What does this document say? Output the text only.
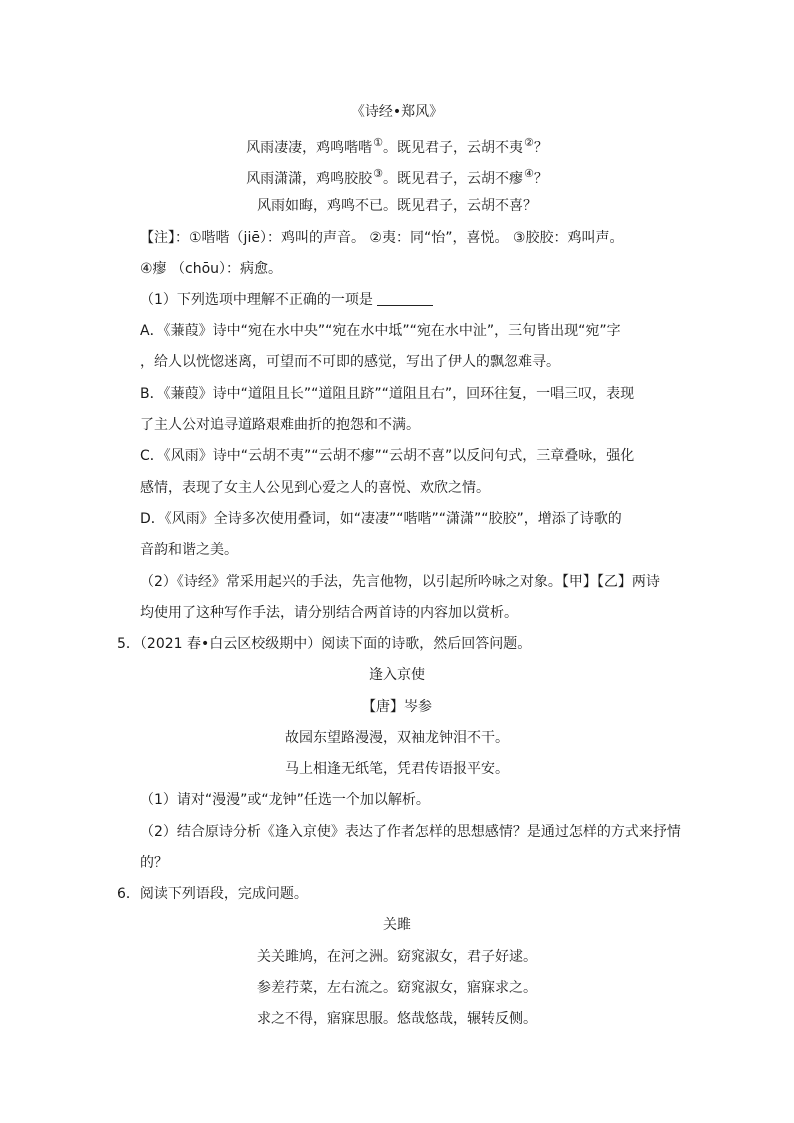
《诗经•郑风》
风雨凄凄，鸡鸣喈喈①。既见君子，云胡不夷②？
风雨潇潇，鸡鸣胶胶③。既见君子，云胡不瘳④？
风雨如晦，鸡鸣不已。既见君子，云胡不喜？
【注】：①喈喈（jiē）：鸡叫的声音。 ②夷：同“怡”，喜悦。 ③胶胶：鸡叫声。
④瘳 （chōu）：病愈。
（1）下列选项中理解不正确的一项是
A．《蒹葭》诗中“宛在水中央”“宛在水中坻”“宛在水中沚”，三句皆出现“宛”字
，给人以恍惚迷离，可望而不可即的感觉，写出了伊人的飘忽难寻。
B．《蒹葭》诗中“道阻且长”“道阻且跻”“道阻且右”，回环往复，一唱三叹，表现
了主人公对追寻道路艰难曲折的抱怨和不满。
C．《风雨》诗中“云胡不夷”“云胡不瘳”“云胡不喜”以反问句式，三章叠咏，强化
感情，表现了女主人公见到心爱之人的喜悦、欢欣之情。
D．《风雨》全诗多次使用叠词，如“凄凄”“喈喈”“潇潇”“胶胶”，增添了诗歌的
音韵和谐之美。
（2）《诗经》常采用起兴的手法，先言他物，以引起所吟咏之对象。【甲】【乙】两诗
均使用了这种写作手法，请分别结合两首诗的内容加以赏析。
5．（2021 春•白云区校级期中）阅读下面的诗歌，然后回答问题。
逢入京使
【唐】岑参
故园东望路漫漫，双袖龙钟泪不干。
马上相逢无纸笔，凭君传语报平安。
（1）请对“漫漫”或“龙钟”任选一个加以解析。
（2）结合原诗分析《逢入京使》表达了作者怎样的思想感情？是通过怎样的方式来抒情
的？
6．阅读下列语段，完成问题。
关雎
关关雎鸠，在河之洲。窈窕淑女，君子好逑。
参差荇菜，左右流之。窈窕淑女，寤寐求之。
求之不得，寤寐思服。悠哉悠哉，辗转反侧。
